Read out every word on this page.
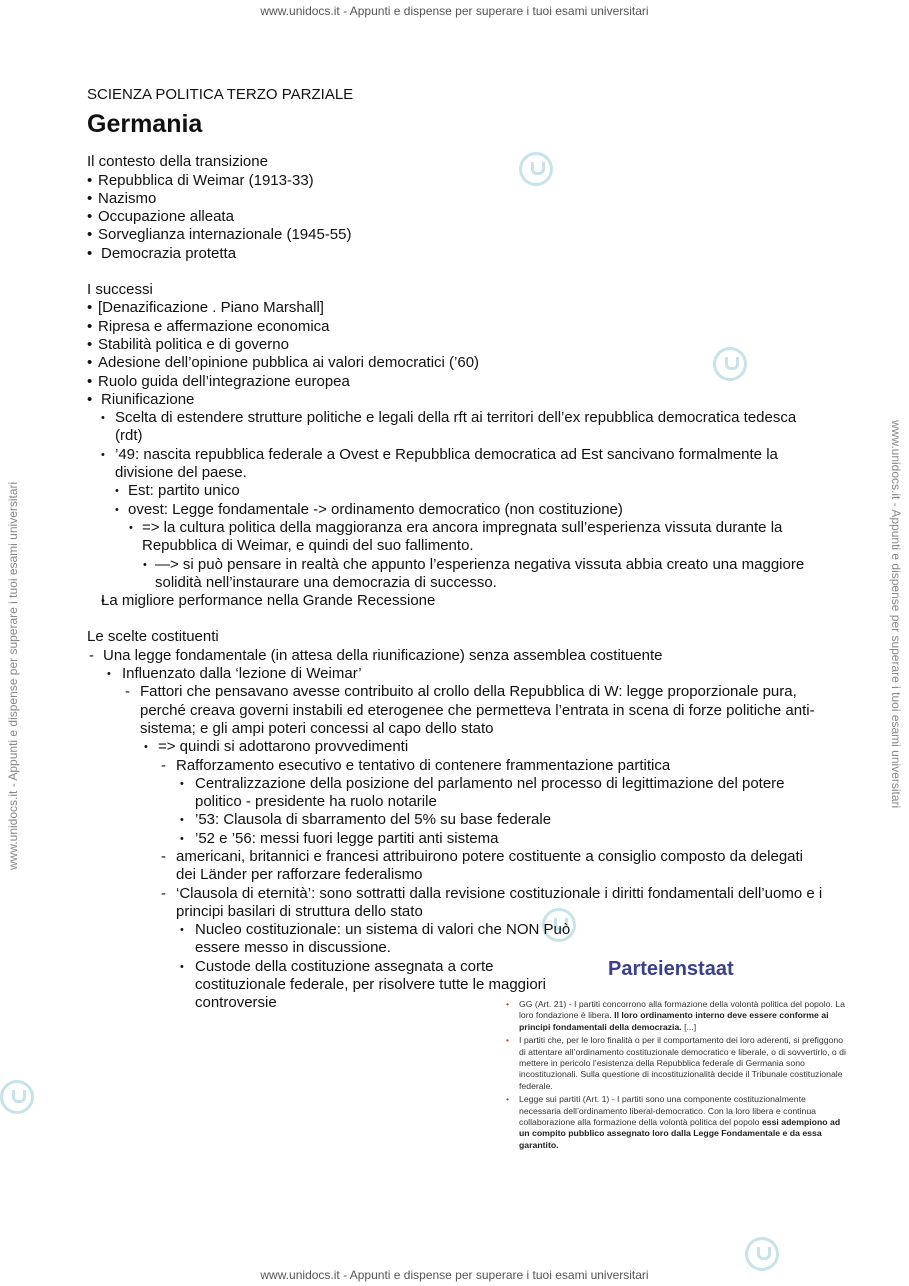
www.unidocs.it - Appunti e dispense per superare i tuoi esami universitari
www.unidocs.it - Appunti e dispense per superare i tuoi esami universitari	www.unidocs.it - Appunti e dispense per superare i tuoi esami universitari

SCIENZA POLITICA TERZO PARZIALE

Germania

Il contesto della transizione

• Repubblica di Weimar (1913-33)
• Nazismo
• Occupazione alleata
• Sorveglianza internazionale (1945-55)
• Democrazia protetta

I successi

• [Denazificazione . Piano Marshall]
• Ripresa e affermazione economica
• Stabilità politica e di governo
• Adesione dell’opinione pubblica ai valori democratici (’60)
• Ruolo guida dell’integrazione europea
• Riunificazione
• Scelta di estendere strutture politiche e legali della rft ai territori dell’ex repubblica democratica tedesca (rdt)
• ’49: nascita repubblica federale a Ovest e Repubblica democratica ad Est sancivano formalmente la divisione del paese.
• Est: partito unico
• ovest: Legge fondamentale -> ordinamento democratico (non costituzione)
• => la cultura politica della maggioranza era ancora impregnata sull’esperienza vissuta durante la Repubblica di Weimar, e quindi del suo fallimento.
• —> si può pensare in realtà che appunto l’esperienza negativa vissuta abbia creato una maggiore solidità nell’instaurare una democrazia di successo.
• La migliore performance nella Grande Recessione

Le scelte costituenti

- Una legge fondamentale (in attesa della riunificazione) senza assemblea costituente
• Influenzato dalla ‘lezione di Weimar’
- Fattori che pensavano avesse contribuito al crollo della Repubblica di W: legge proporzionale pura, perché creava governi instabili ed eterogenee che permetteva l’entrata in scena di forze politiche anti-sistema; e gli ampi poteri concessi al capo dello stato
• => quindi si adottarono provvedimenti
- Rafforzamento esecutivo e tentativo di contenere frammentazione partitica
• Centralizzazione della posizione del parlamento nel processo di legittimazione del potere politico - presidente ha ruolo notarile
• ’53: Clausola di sbarramento del 5% su base federale
• ’52 e ’56: messi fuori legge partiti anti sistema
- americani, britannici e francesi attribuirono potere costituente a consiglio composto da delegati dei Länder per rafforzare federalismo
- ‘Clausola di eternità’: sono sottratti dalla revisione costituzionale i diritti fondamentali dell’uomo e i principi basilari di struttura dello stato
• Nucleo costituzionale: un sistema di valori che NON Può essere messo in discussione.
• Custode della costituzione assegnata a corte costituzionale federale, per risolvere tutte le maggiori controversie
Parteienstaat
• GG (Art. 21) - I partiti concorrono alla formazione della volontà politica del popolo. La loro fondazione è libera. Il loro ordinamento interno deve essere conforme ai principi fondamentali della democrazia. [...]
• I partiti che, per le loro finalità o per il comportamento dei loro aderenti, si prefiggono di attentare all’ordinamento costituzionale democratico e liberale, o di sovvertirlo, o di mettere in pericolo l’esistenza della Repubblica federale di Germania sono incostituzionali. Sulla questione di incostituzionalità decide il Tribunale costituzionale federale.
• Legge sui partiti (Art. 1) - I partiti sono una componente costituzionalmente necessaria dell’ordinamento liberal-democratico. Con la loro libera e continua collaborazione alla formazione della volontà politica del popolo essi adempiono ad un compito pubblico assegnato loro dalla Legge Fondamentale e da essa garantito.
www.unidocs.it - Appunti e dispense per superare i tuoi esami universitari
